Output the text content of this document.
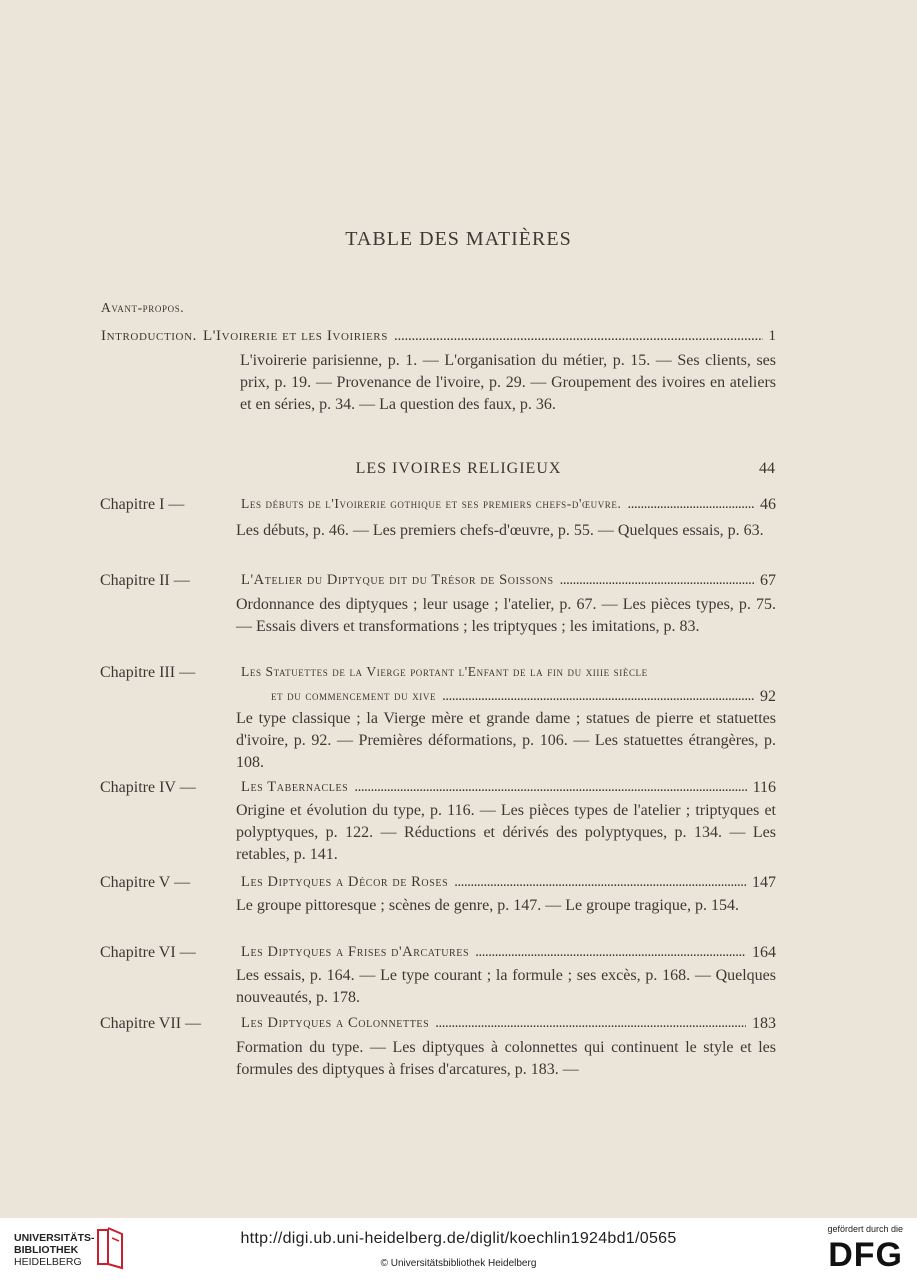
TABLE DES MATIÈRES
Avant-propos.
Introduction. L'Ivoirerie et les Ivoiriers . . .	1
L'ivoirerie parisienne, p. 1. — L'organisation du métier, p. 15. — Ses clients, ses prix, p. 19. — Provenance de l'ivoire, p. 29. — Groupement des ivoires en ateliers et en séries, p. 34. — La question des faux, p. 36.
LES IVOIRES RELIGIEUX	44
Chapitre I —	Les débuts de l'Ivoirerie gothique et ses premiers chefs-d'œuvre. . . .	46
Les débuts, p. 46. — Les premiers chefs-d'œuvre, p. 55. — Quelques essais, p. 63.
Chapitre II —	L'Atelier du Diptyque dit du Trésor de Soissons . . .	67
Ordonnance des diptyques ; leur usage ; l'atelier, p. 67. — Les pièces types, p. 75. — Essais divers et transformations ; les triptyques ; les imitations, p. 83.
Chapitre III —	Les Statuettes de la Vierge portant l'Enfant de la fin du xiiie siècle
et du commencement du xive . . .	92
Le type classique ; la Vierge mère et grande dame ; statues de pierre et statuettes d'ivoire, p. 92. — Premières déformations, p. 106. — Les statuettes étrangères, p. 108.
Chapitre IV —	Les Tabernacles . . .	116
Origine et évolution du type, p. 116. — Les pièces types de l'atelier ; triptyques et polyptyques, p. 122. — Réductions et dérivés des polyptyques, p. 134. — Les retables, p. 141.
Chapitre V —	Les Diptyques a Décor de Roses . . .	147
Le groupe pittoresque ; scènes de genre, p. 147. — Le groupe tragique, p. 154.
Chapitre VI —	Les Diptyques a Frises d'Arcatures . . .	164
Les essais, p. 164. — Le type courant ; la formule ; ses excès, p. 168. — Quelques nouveautés, p. 178.
Chapitre VII —	Les Diptyques a Colonnettes . . .	183
Formation du type. — Les diptyques à colonnettes qui continuent le style et les formules des diptyques à frises d'arcatures, p. 183. —
UNIVERSITÄTS-
BIBLIOTHEK
HEIDELBERG
http://digi.ub.uni-heidelberg.de/diglit/koechlin1924bd1/0565
© Universitätsbibliothek Heidelberg
gefördert durch die
DFG
